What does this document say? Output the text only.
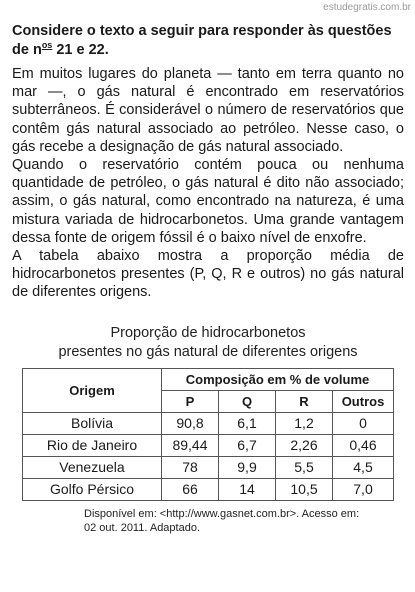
estudegratis.com.br

Considere o texto a seguir para responder às questões de $n^{os}$ 21 e 22.

Em muitos lugares do planeta — tanto em terra quanto no mar —, o gás natural é encontrado em reservatórios subterrâneos. É considerável o número de reservatórios que contêm gás natural associado ao petróleo. Nesse caso, o gás recebe a designação de gás natural associado.

Quando o reservatório contém pouca ou nenhuma quantidade de petróleo, o gás natural é dito não associado; assim, o gás natural, como encontrado na natureza, é uma mistura variada de hidrocarbonetos. Uma grande vantagem dessa fonte de origem fóssil é o baixo nível de enxofre.

A tabela abaixo mostra a proporção média de hidrocarbonetos presentes (P, Q, R e outros) no gás natural de diferentes origens.

Proporção de hidrocarbonetos
presentes no gás natural de diferentes origens
Origem	Composição em % de volume			
	P	Q	R	Outros
Bolívia	90,8	6,1	1,2	0
Rio de Janeiro	89,44	6,7	2,26	0,46
Venezuela	78	9,9	5,5	4,5
Golfo Pérsico	66	14	10,5	7,0
Disponível em: <http://www.gasnet.com.br>. Acesso em:
02 out. 2011. Adaptado.
